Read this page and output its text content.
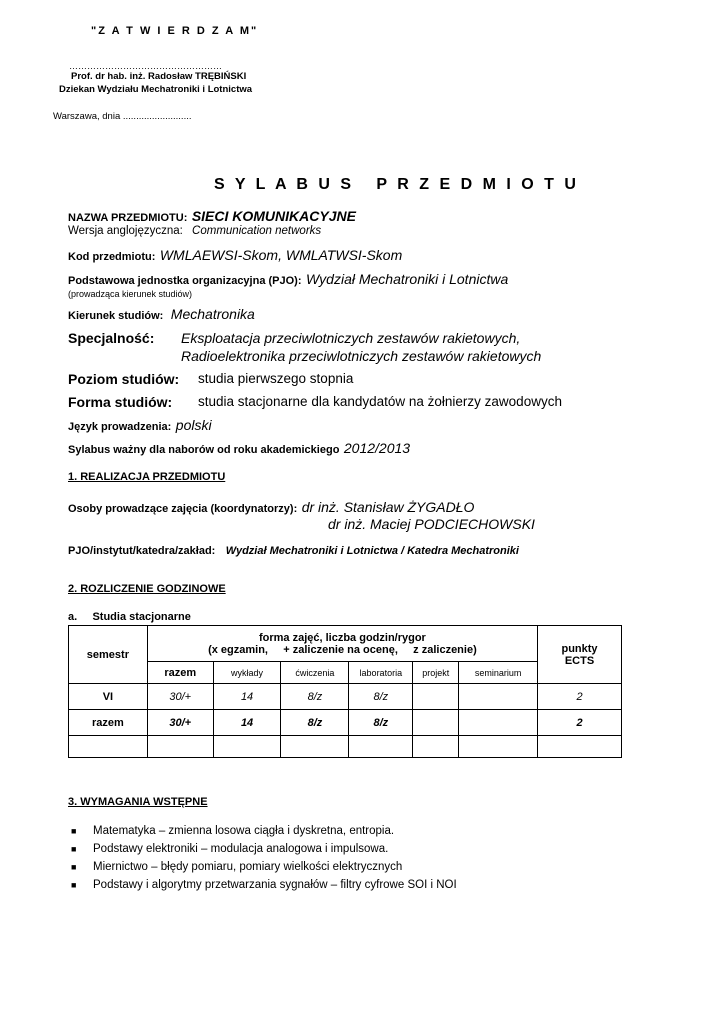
"Z A T W I E R D Z A M"
……………………………………………
Prof. dr hab. inż. Radosław TRĘBIŃSKI
Dziekan Wydziału Mechatroniki i Lotnictwa
Warszawa, dnia ..........................
S Y L A B U S   P R Z E D M I O T U
NAZWA PRZEDMIOTU: SIECI KOMUNIKACYJNE
Wersja anglojęzyczna: Communication networks
Kod przedmiotu: WMLAEWSI-Skom, WMLATWSI-Skom
Podstawowa jednostka organizacyjna (PJO): Wydział Mechatroniki i Lotnictwa
(prowadząca kierunek studiów)
Kierunek studiów: Mechatronika
Specjalność: Eksploatacja przeciwlotniczych zestawów rakietowych,
Radioelektronika przeciwlotniczych zestawów rakietowych
Poziom studiów: studia pierwszego stopnia
Forma studiów: studia stacjonarne dla kandydatów na żołnierzy zawodowych
Język prowadzenia: polski
Sylabus ważny dla naborów od roku akademickiego 2012/2013
1. REALIZACJA PRZEDMIOTU
Osoby prowadzące zajęcia (koordynatorzy): dr inż. Stanisław ŻYGADŁO
dr inż. Maciej PODCIECHOWSKI
PJO/instytut/katedra/zakład: Wydział Mechatroniki i Lotnictwa / Katedra Mechatroniki
2. ROZLICZENIE GODZINOWE
a.     Studia stacjonarne
semestr	forma zajęć, liczba godzin/rygor
(x egzamin,     + zaliczenie na ocenę,     z zaliczenie)						punkty ECTS
	razem	wykłady	ćwiczenia	laboratoria	projekt	seminarium	
VI	30/+	14	8/z	8/z			2
razem	30/+	14	8/z	8/z			2

3. WYMAGANIA WSTĘPNE
■ Matematyka – zmienna losowa ciągła i dyskretna, entropia.
■ Podstawy elektroniki – modulacja analogowa i impulsowa.
■ Miernictwo – błędy pomiaru, pomiary wielkości elektrycznych
■ Podstawy i algorytmy przetwarzania sygnałów – filtry cyfrowe SOI i NOI
